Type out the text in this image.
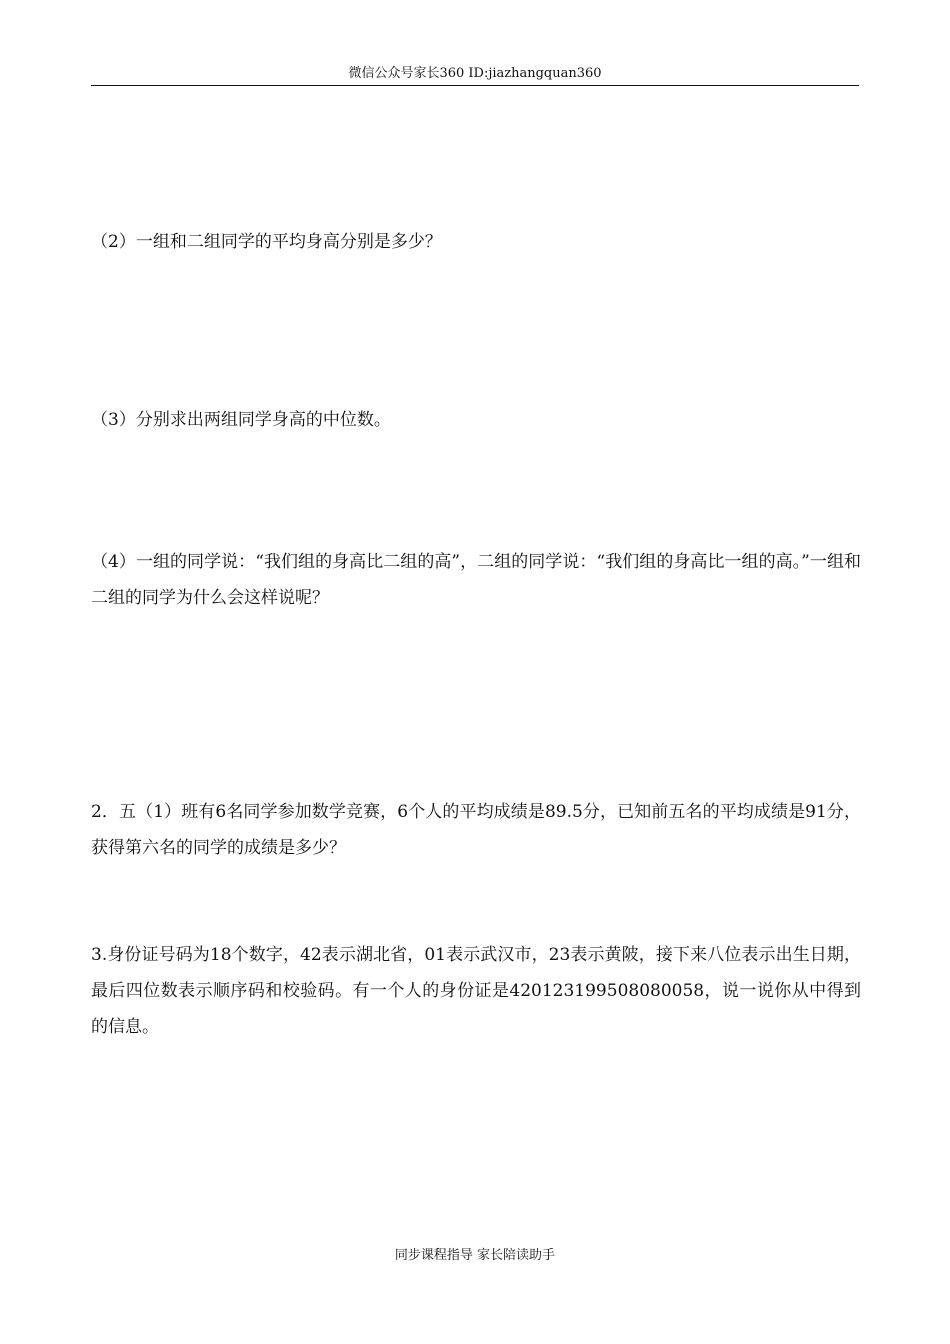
微信公众号家长360 ID:jiazhangquan360
（2）一组和二组同学的平均身高分别是多少？
（3）分别求出两组同学身高的中位数。
（4）一组的同学说：“我们组的身高比二组的高”，二组的同学说：“我们组的身高比一组的高。”一组和二组的同学为什么会这样说呢？
2．五（1）班有6名同学参加数学竞赛，6个人的平均成绩是89.5分，已知前五名的平均成绩是91分，获得第六名的同学的成绩是多少？
3.身份证号码为18个数字，42表示湖北省，01表示武汉市，23表示黄陂，接下来八位表示出生日期，最后四位数表示顺序码和校验码。有一个人的身份证是420123199508080058，说一说你从中得到的信息。
同步课程指导 家长陪读助手
